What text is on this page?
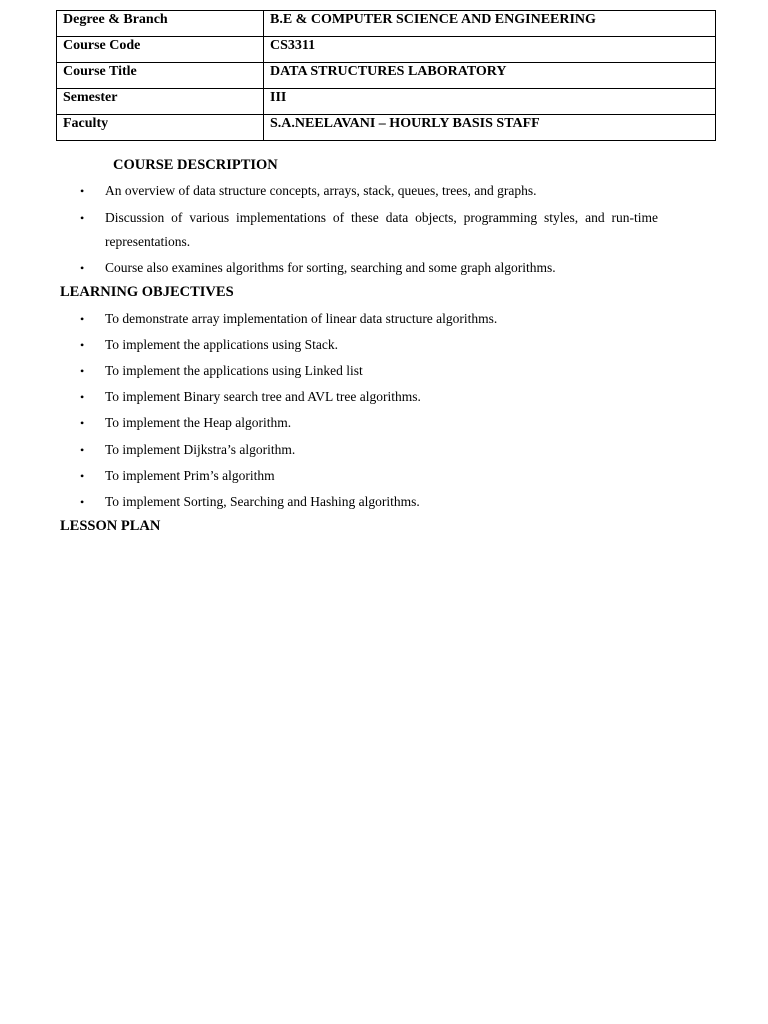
Degree & Branch	B.E & COMPUTER SCIENCE AND ENGINEERING
Course Code	CS3311
Course Title	DATA STRUCTURES LABORATORY
Semester	III
Faculty	S.A.NEELAVANI – HOURLY BASIS STAFF
COURSE DESCRIPTION
•	An overview of data structure concepts, arrays, stack, queues, trees, and graphs.
•	Discussion of various implementations of these data objects, programming styles, and run-time representations.
•	Course also examines algorithms for sorting, searching and some graph algorithms.
LEARNING OBJECTIVES
•	To demonstrate array implementation of linear data structure algorithms.
•	To implement the applications using Stack.
•	To implement the applications using Linked list
•	To implement Binary search tree and AVL tree algorithms.
•	To implement the Heap algorithm.
•	To implement Dijkstra’s algorithm.
•	To implement Prim’s algorithm
•	To implement Sorting, Searching and Hashing algorithms.
LESSON PLAN
